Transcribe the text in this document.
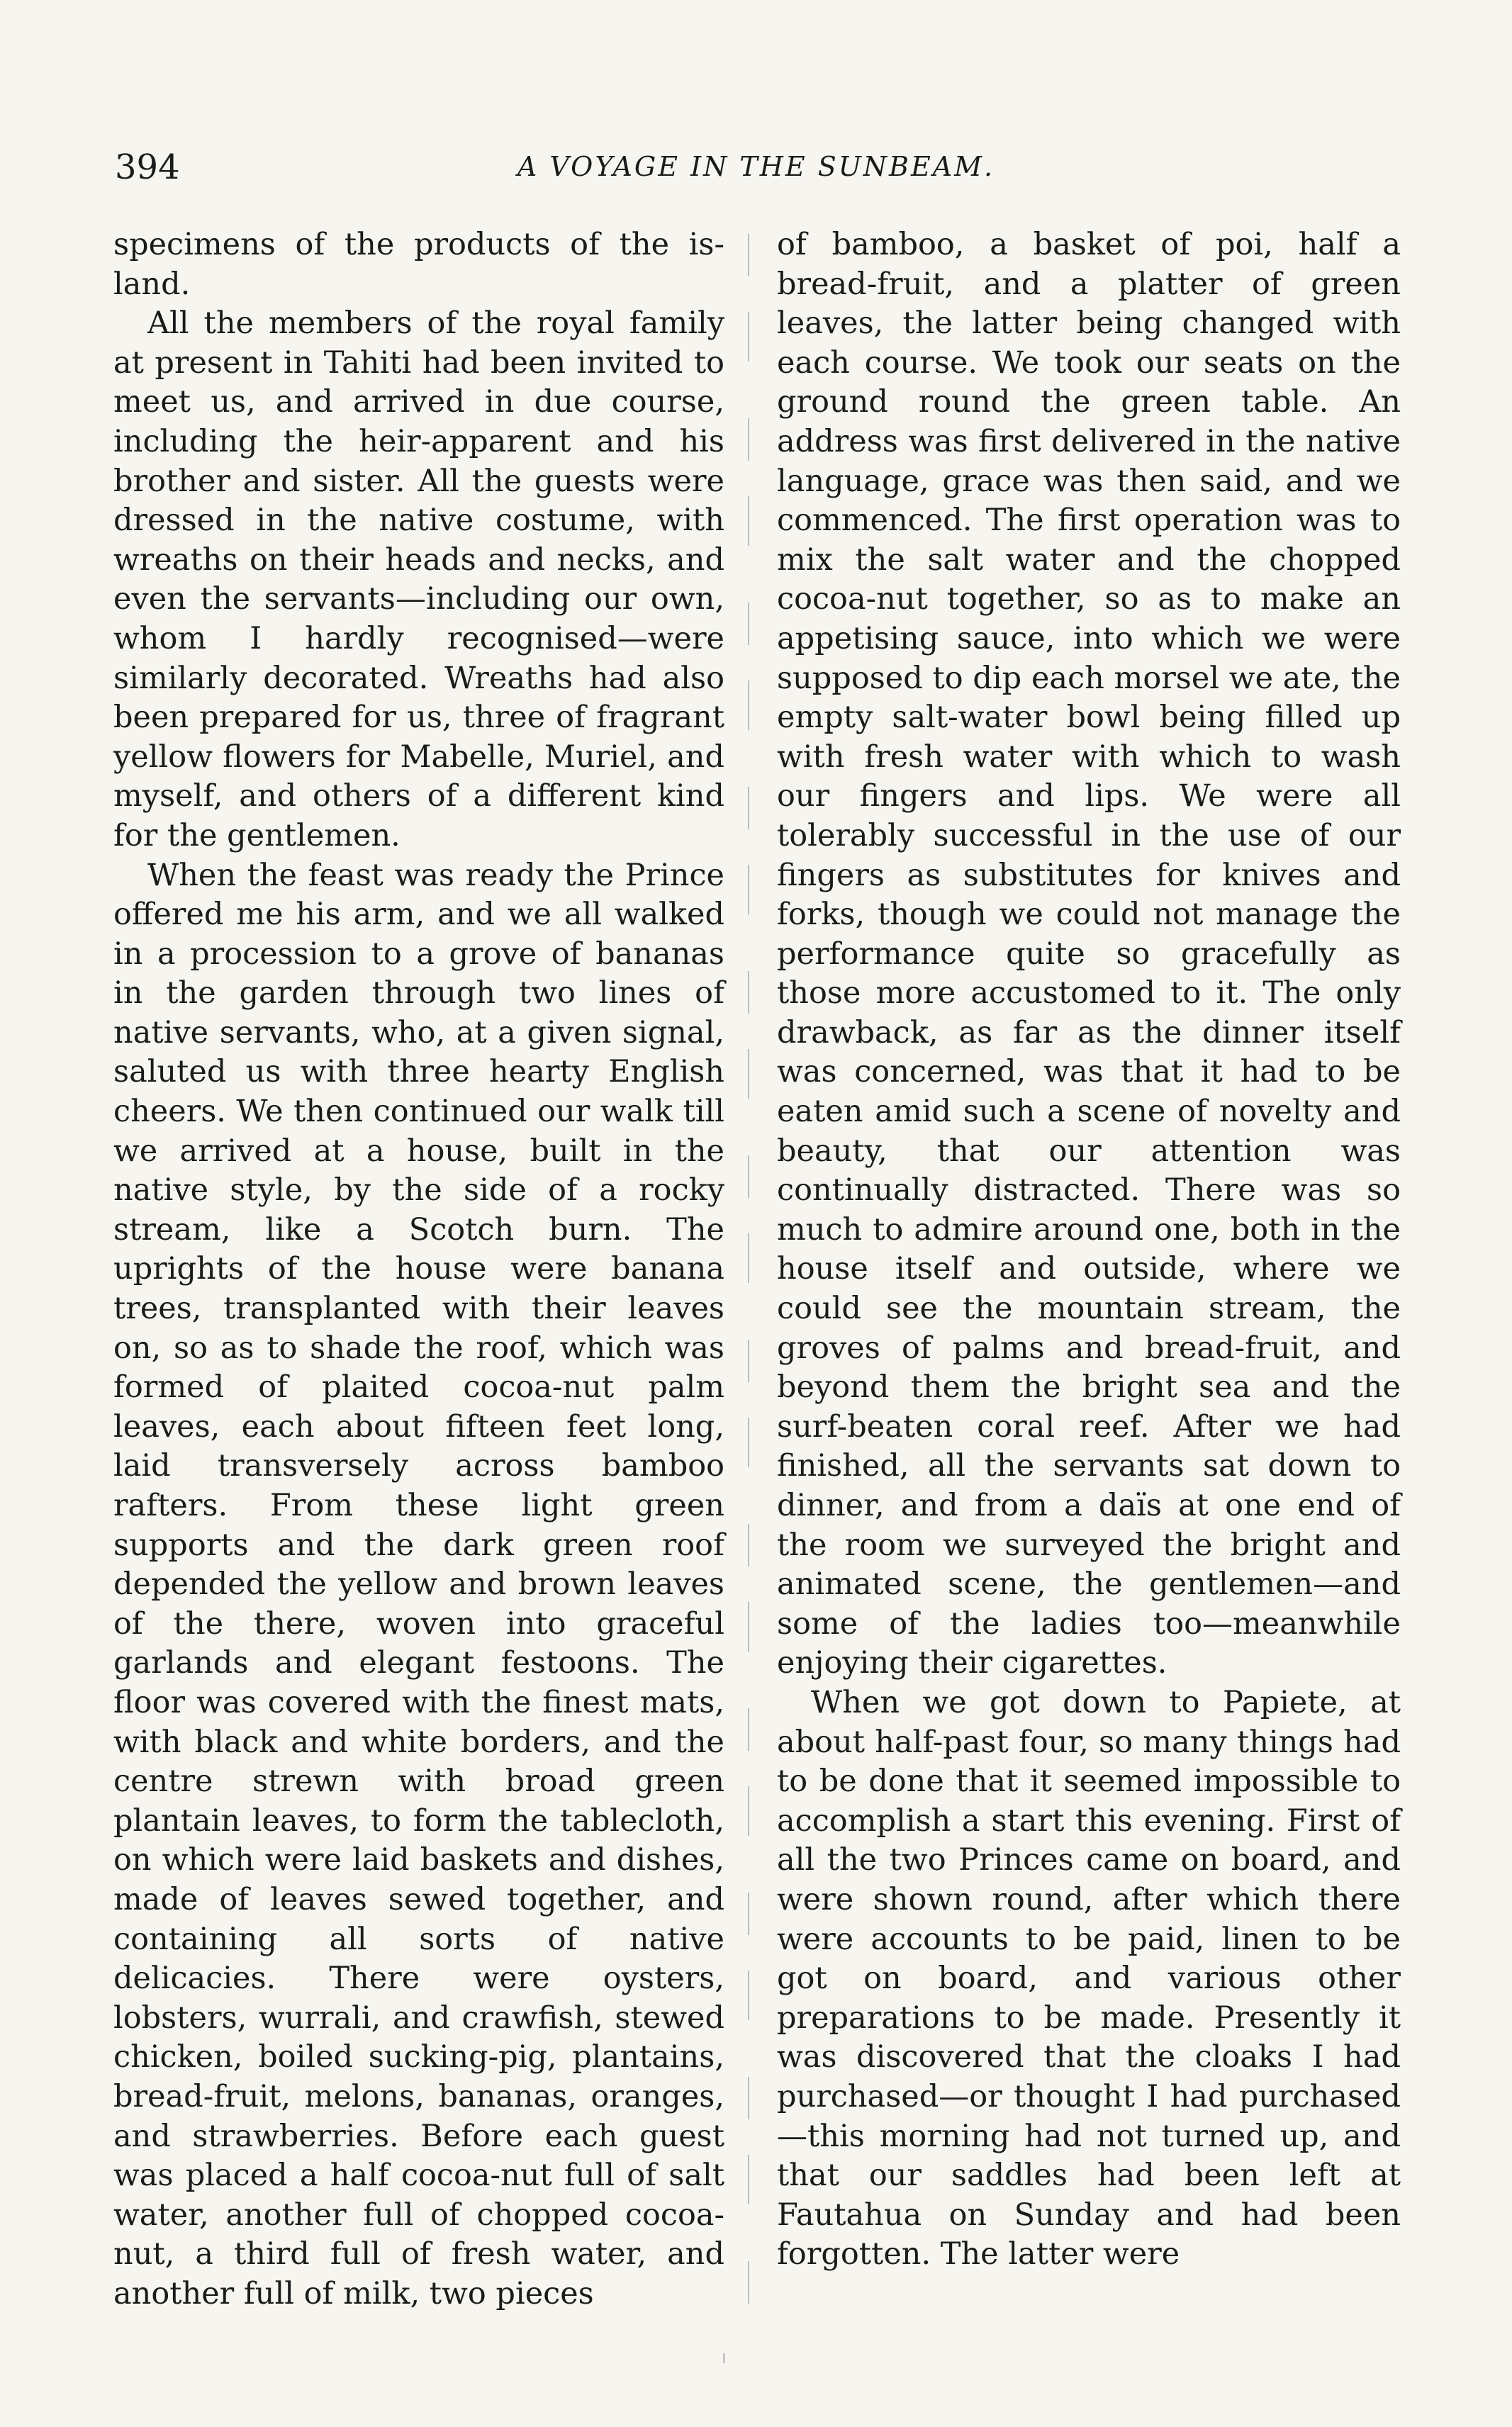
394	A VOYAGE IN THE SUNBEAM.

specimens of the products of the island.

All the members of the royal family at present in Tahiti had been invited to meet us, and arrived in due course, including the heir-apparent and his brother and sister. All the guests were dressed in the native costume, with wreaths on their heads and necks, and even the servants—including our own, whom I hardly recognised—were similarly decorated. Wreaths had also been prepared for us, three of fragrant yellow flowers for Mabelle, Muriel, and myself, and others of a different kind for the gentlemen.

When the feast was ready the Prince offered me his arm, and we all walked in a procession to a grove of bananas in the garden through two lines of native servants, who, at a given signal, saluted us with three hearty English cheers. We then continued our walk till we arrived at a house, built in the native style, by the side of a rocky stream, like a Scotch burn. The uprights of the house were banana trees, transplanted with their leaves on, so as to shade the roof, which was formed of plaited cocoa-nut palm leaves, each about fifteen feet long, laid transversely across bamboo rafters. From these light green supports and the dark green roof depended the yellow and brown leaves of the there, woven into graceful garlands and elegant festoons. The floor was covered with the finest mats, with black and white borders, and the centre strewn with broad green plantain leaves, to form the tablecloth, on which were laid baskets and dishes, made of leaves sewed together, and containing all sorts of native delicacies. There were oysters, lobsters, wurrali, and crawfish, stewed chicken, boiled sucking-pig, plantains, bread-fruit, melons, bananas, oranges, and strawberries. Before each guest was placed a half cocoa-nut full of salt water, another full of chopped cocoa-nut, a third full of fresh water, and another full of milk, two pieces

of bamboo, a basket of poi, half a bread-fruit, and a platter of green leaves, the latter being changed with each course. We took our seats on the ground round the green table. An address was first delivered in the native language, grace was then said, and we commenced. The first operation was to mix the salt water and the chopped cocoa-nut together, so as to make an appetising sauce, into which we were supposed to dip each morsel we ate, the empty salt-water bowl being filled up with fresh water with which to wash our fingers and lips. We were all tolerably successful in the use of our fingers as substitutes for knives and forks, though we could not manage the performance quite so gracefully as those more accustomed to it. The only drawback, as far as the dinner itself was concerned, was that it had to be eaten amid such a scene of novelty and beauty, that our attention was continually distracted. There was so much to admire around one, both in the house itself and outside, where we could see the mountain stream, the groves of palms and bread-fruit, and beyond them the bright sea and the surf-beaten coral reef. After we had finished, all the servants sat down to dinner, and from a daïs at one end of the room we surveyed the bright and animated scene, the gentlemen—and some of the ladies too—meanwhile enjoying their cigarettes.

When we got down to Papiete, at about half-past four, so many things had to be done that it seemed impossible to accomplish a start this evening. First of all the two Princes came on board, and were shown round, after which there were accounts to be paid, linen to be got on board, and various other preparations to be made. Presently it was discovered that the cloaks I had purchased—or thought I had purchased—this morning had not turned up, and that our saddles had been left at Fautahua on Sunday and had been forgotten. The latter were
